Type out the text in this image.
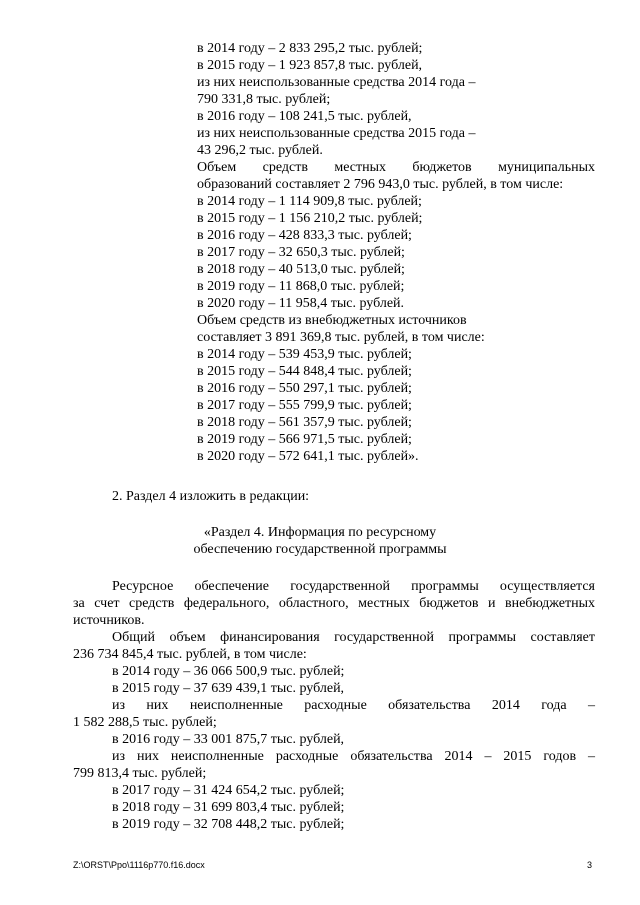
в 2014 году – 2 833 295,2 тыс. рублей;
в 2015 году – 1 923 857,8 тыс. рублей,
из них неиспользованные средства 2014 года –
790 331,8 тыс. рублей;
в 2016 году – 108 241,5 тыс. рублей,
из них неиспользованные средства 2015 года –
43 296,2 тыс. рублей.
Объем средств местных бюджетов муниципальных
образований составляет 2 796 943,0 тыс. рублей, в том числе:
в 2014 году – 1 114 909,8 тыс. рублей;
в 2015 году – 1 156 210,2 тыс. рублей;
в 2016 году – 428 833,3 тыс. рублей;
в 2017 году – 32 650,3 тыс. рублей;
в 2018 году – 40 513,0 тыс. рублей;
в 2019 году – 11 868,0 тыс. рублей;
в 2020 году – 11 958,4 тыс. рублей.
Объем средств из внебюджетных источников
составляет 3 891 369,8 тыс. рублей, в том числе:
в 2014 году – 539 453,9 тыс. рублей;
в 2015 году – 544 848,4 тыс. рублей;
в 2016 году – 550 297,1 тыс. рублей;
в 2017 году – 555 799,9 тыс. рублей;
в 2018 году – 561 357,9 тыс. рублей;
в 2019 году – 566 971,5 тыс. рублей;
в 2020 году – 572 641,1 тыс. рублей».
2. Раздел 4 изложить в редакции:
«Раздел 4. Информация по ресурсному
обеспечению государственной программы
Ресурсное обеспечение государственной программы осуществляется
за счет средств федерального, областного, местных бюджетов и внебюджетных
источников.
Общий объем финансирования государственной программы составляет
236 734 845,4 тыс. рублей, в том числе:
в 2014 году – 36 066 500,9 тыс. рублей;
в 2015 году – 37 639 439,1 тыс. рублей,
из них неисполненные расходные обязательства 2014 года –
1 582 288,5 тыс. рублей;
в 2016 году – 33 001 875,7 тыс. рублей,
из них неисполненные расходные обязательства 2014 – 2015 годов –
799 813,4 тыс. рублей;
в 2017 году – 31 424 654,2 тыс. рублей;
в 2018 году – 31 699 803,4 тыс. рублей;
в 2019 году – 32 708 448,2 тыс. рублей;
Z:\ORST\Ppo\1116p770.f16.docx	3
